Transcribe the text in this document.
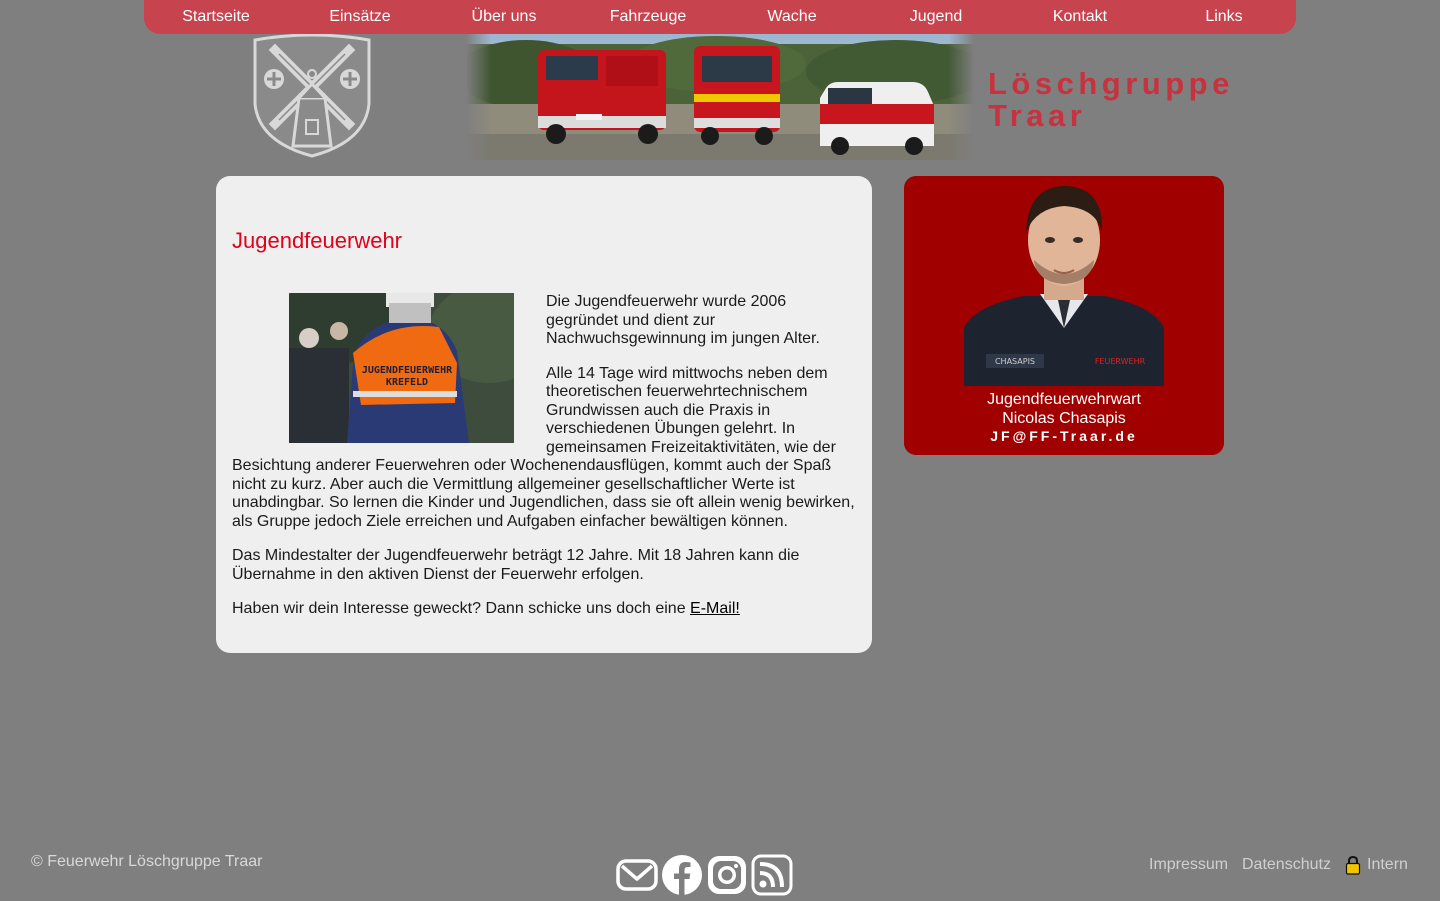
Startseite	Einsätze	Über uns	Fahrzeuge	Wache	Jugend	Kontakt	Links
Löschgruppe
Traar
Jugendfeuerwehr
JUGENDFEUERWEHR
KREFELD

Die Jugendfeuerwehr wurde 2006 gegründet und dient zur Nachwuchsgewinnung im jungen Alter.

Alle 14 Tage wird mittwochs neben dem theoretischen feuerwehrtechnischem Grundwissen auch die Praxis in verschiedenen Übungen gelehrt. In gemeinsamen Freizeitaktivitäten, wie der Besichtung anderer Feuerwehren oder Wochenendausflügen, kommt auch der Spaß nicht zu kurz. Aber auch die Vermittlung allgemeiner gesellschaftlicher Werte ist unabdingbar. So lernen die Kinder und Jugendlichen, dass sie oft allein wenig bewirken, als Gruppe jedoch Ziele erreichen und Aufgaben einfacher bewältigen können.

Das Mindestalter der Jugendfeuerwehr beträgt 12 Jahre. Mit 18 Jahren kann die Übernahme in den aktiven Dienst der Feuerwehr erfolgen.

Haben wir dein Interesse geweckt? Dann schicke uns doch eine E-Mail!

CHASAPIS	FEUERWEHR
Jugendfeuerwehrwart
Nicolas Chasapis
JF@FF-Traar.de
© Feuerwehr Löschgruppe Traar	Impressum Datenschutz Intern
